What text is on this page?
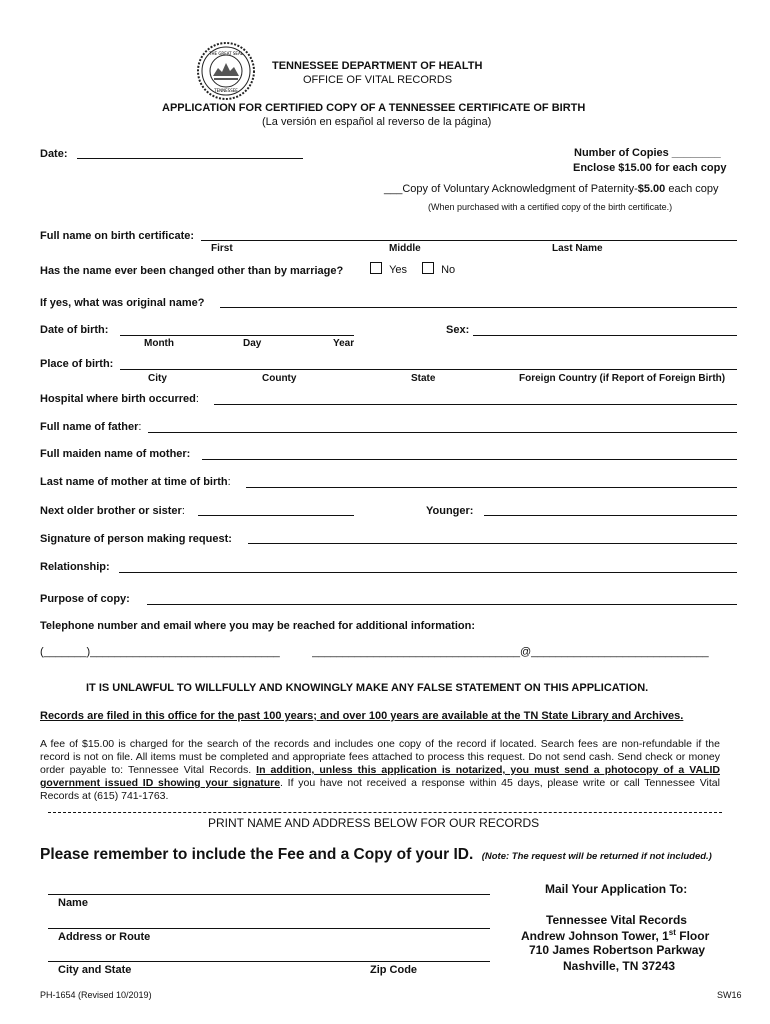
THE GREAT SEAL
TENNESSEE
TENNESSEE DEPARTMENT OF HEALTH
OFFICE OF VITAL RECORDS
APPLICATION FOR CERTIFIED COPY OF A TENNESSEE CERTIFICATE OF BIRTH
(La versión en español al reverso de la página)
Date:	Number of Copies ________
Enclose $15.00 for each copy
___Copy of Voluntary Acknowledgment of Paternity-$5.00 each copy
(When purchased with a certified copy of the birth certificate.)
Full name on birth certificate:
First	Middle	Last Name
Has the name ever been changed other than by marriage?	Yes	No
If yes, what was original name?
Date of birth:	Sex:
Month	Day	Year
Place of birth:
City	County	State	Foreign Country (if Report of Foreign Birth)
Hospital where birth occurred:
Full name of father:
Full maiden name of mother:
Last name of mother at time of birth:
Next older brother or sister:	Younger:
Signature of person making request:
Relationship:
Purpose of copy:
Telephone number and email where you may be reached for additional information:
(_______)_______________________________	__________________________________@_____________________________
IT IS UNLAWFUL TO WILLFULLY AND KNOWINGLY MAKE ANY FALSE STATEMENT ON THIS APPLICATION.
Records are filed in this office for the past 100 years; and over 100 years are available at the TN State Library and Archives.
A fee of $15.00 is charged for the search of the records and includes one copy of the record if located. Search fees are non-refundable if the record is not on file. All items must be completed and appropriate fees attached to process this request. Do not send cash. Send check or money order payable to: Tennessee Vital Records. In addition, unless this application is notarized, you must send a photocopy of a VALID government issued ID showing your signature. If you have not received a response within 45 days, please write or call Tennessee Vital Records at (615) 741-1763.
PRINT NAME AND ADDRESS BELOW FOR OUR RECORDS
Please remember to include the Fee and a Copy of your ID. (Note: The request will be returned if not included.)
Name
Address or Route
City and State	Zip Code
Mail Your Application To:
Tennessee Vital Records
Andrew Johnson Tower, 1st Floor
710 James Robertson Parkway
Nashville, TN 37243
PH-1654 (Revised 10/2019)	SW16
